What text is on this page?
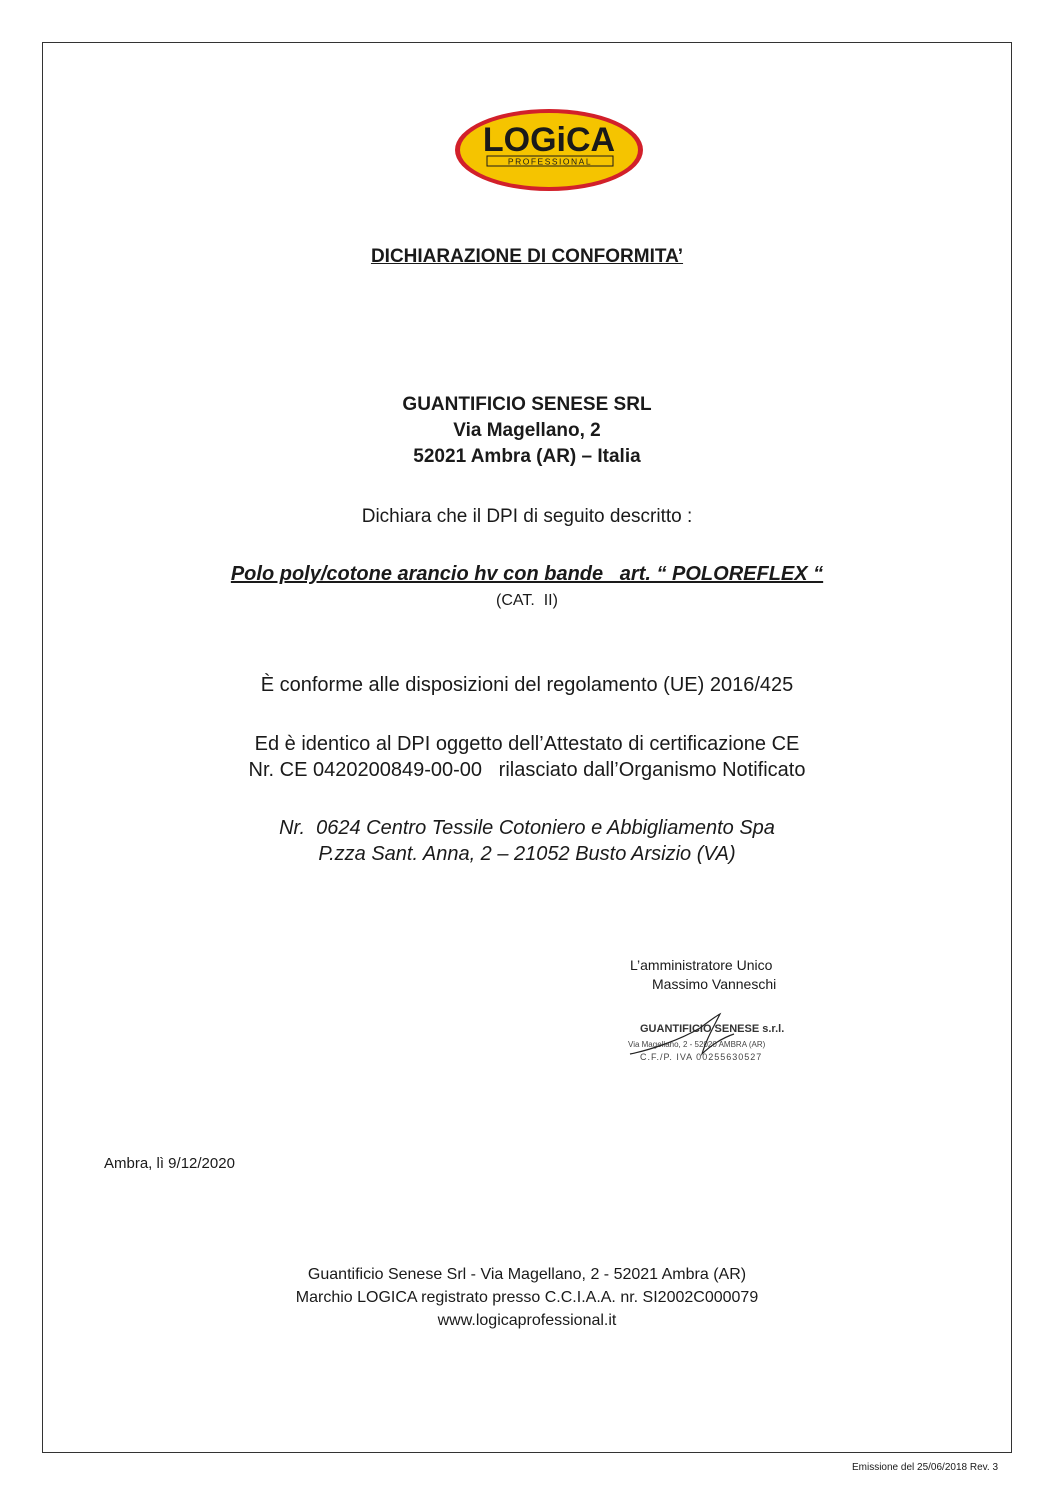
LOGiCA
PROFESSIONAL
DICHIARAZIONE DI CONFORMITA’
GUANTIFICIO SENESE SRL
Via Magellano, 2
52021 Ambra (AR) – Italia
Dichiara che il DPI di seguito descritto :
Polo poly/cotone arancio hv con bande   art. “ POLOREFLEX “
(CAT.  II)
È conforme alle disposizioni del regolamento (UE) 2016/425
Ed è identico al DPI oggetto dell’Attestato di certificazione CE
Nr. CE 0420200849-00-00   rilasciato dall’Organismo Notificato
Nr.  0624 Centro Tessile Cotoniero e Abbigliamento Spa
P.zza Sant. Anna, 2 – 21052 Busto Arsizio (VA)
L’amministratore Unico
Massimo Vanneschi
GUANTIFICIO SENESE s.r.l.
Via Magellano, 2 - 52020 AMBRA (AR)
C.F./P. IVA 00255630527
Ambra, lì 9/12/2020
Guantificio Senese Srl - Via Magellano, 2 - 52021 Ambra (AR)
Marchio LOGICA registrato presso C.C.I.A.A. nr. SI2002C000079
www.logicaprofessional.it
Emissione del 25/06/2018 Rev. 3
